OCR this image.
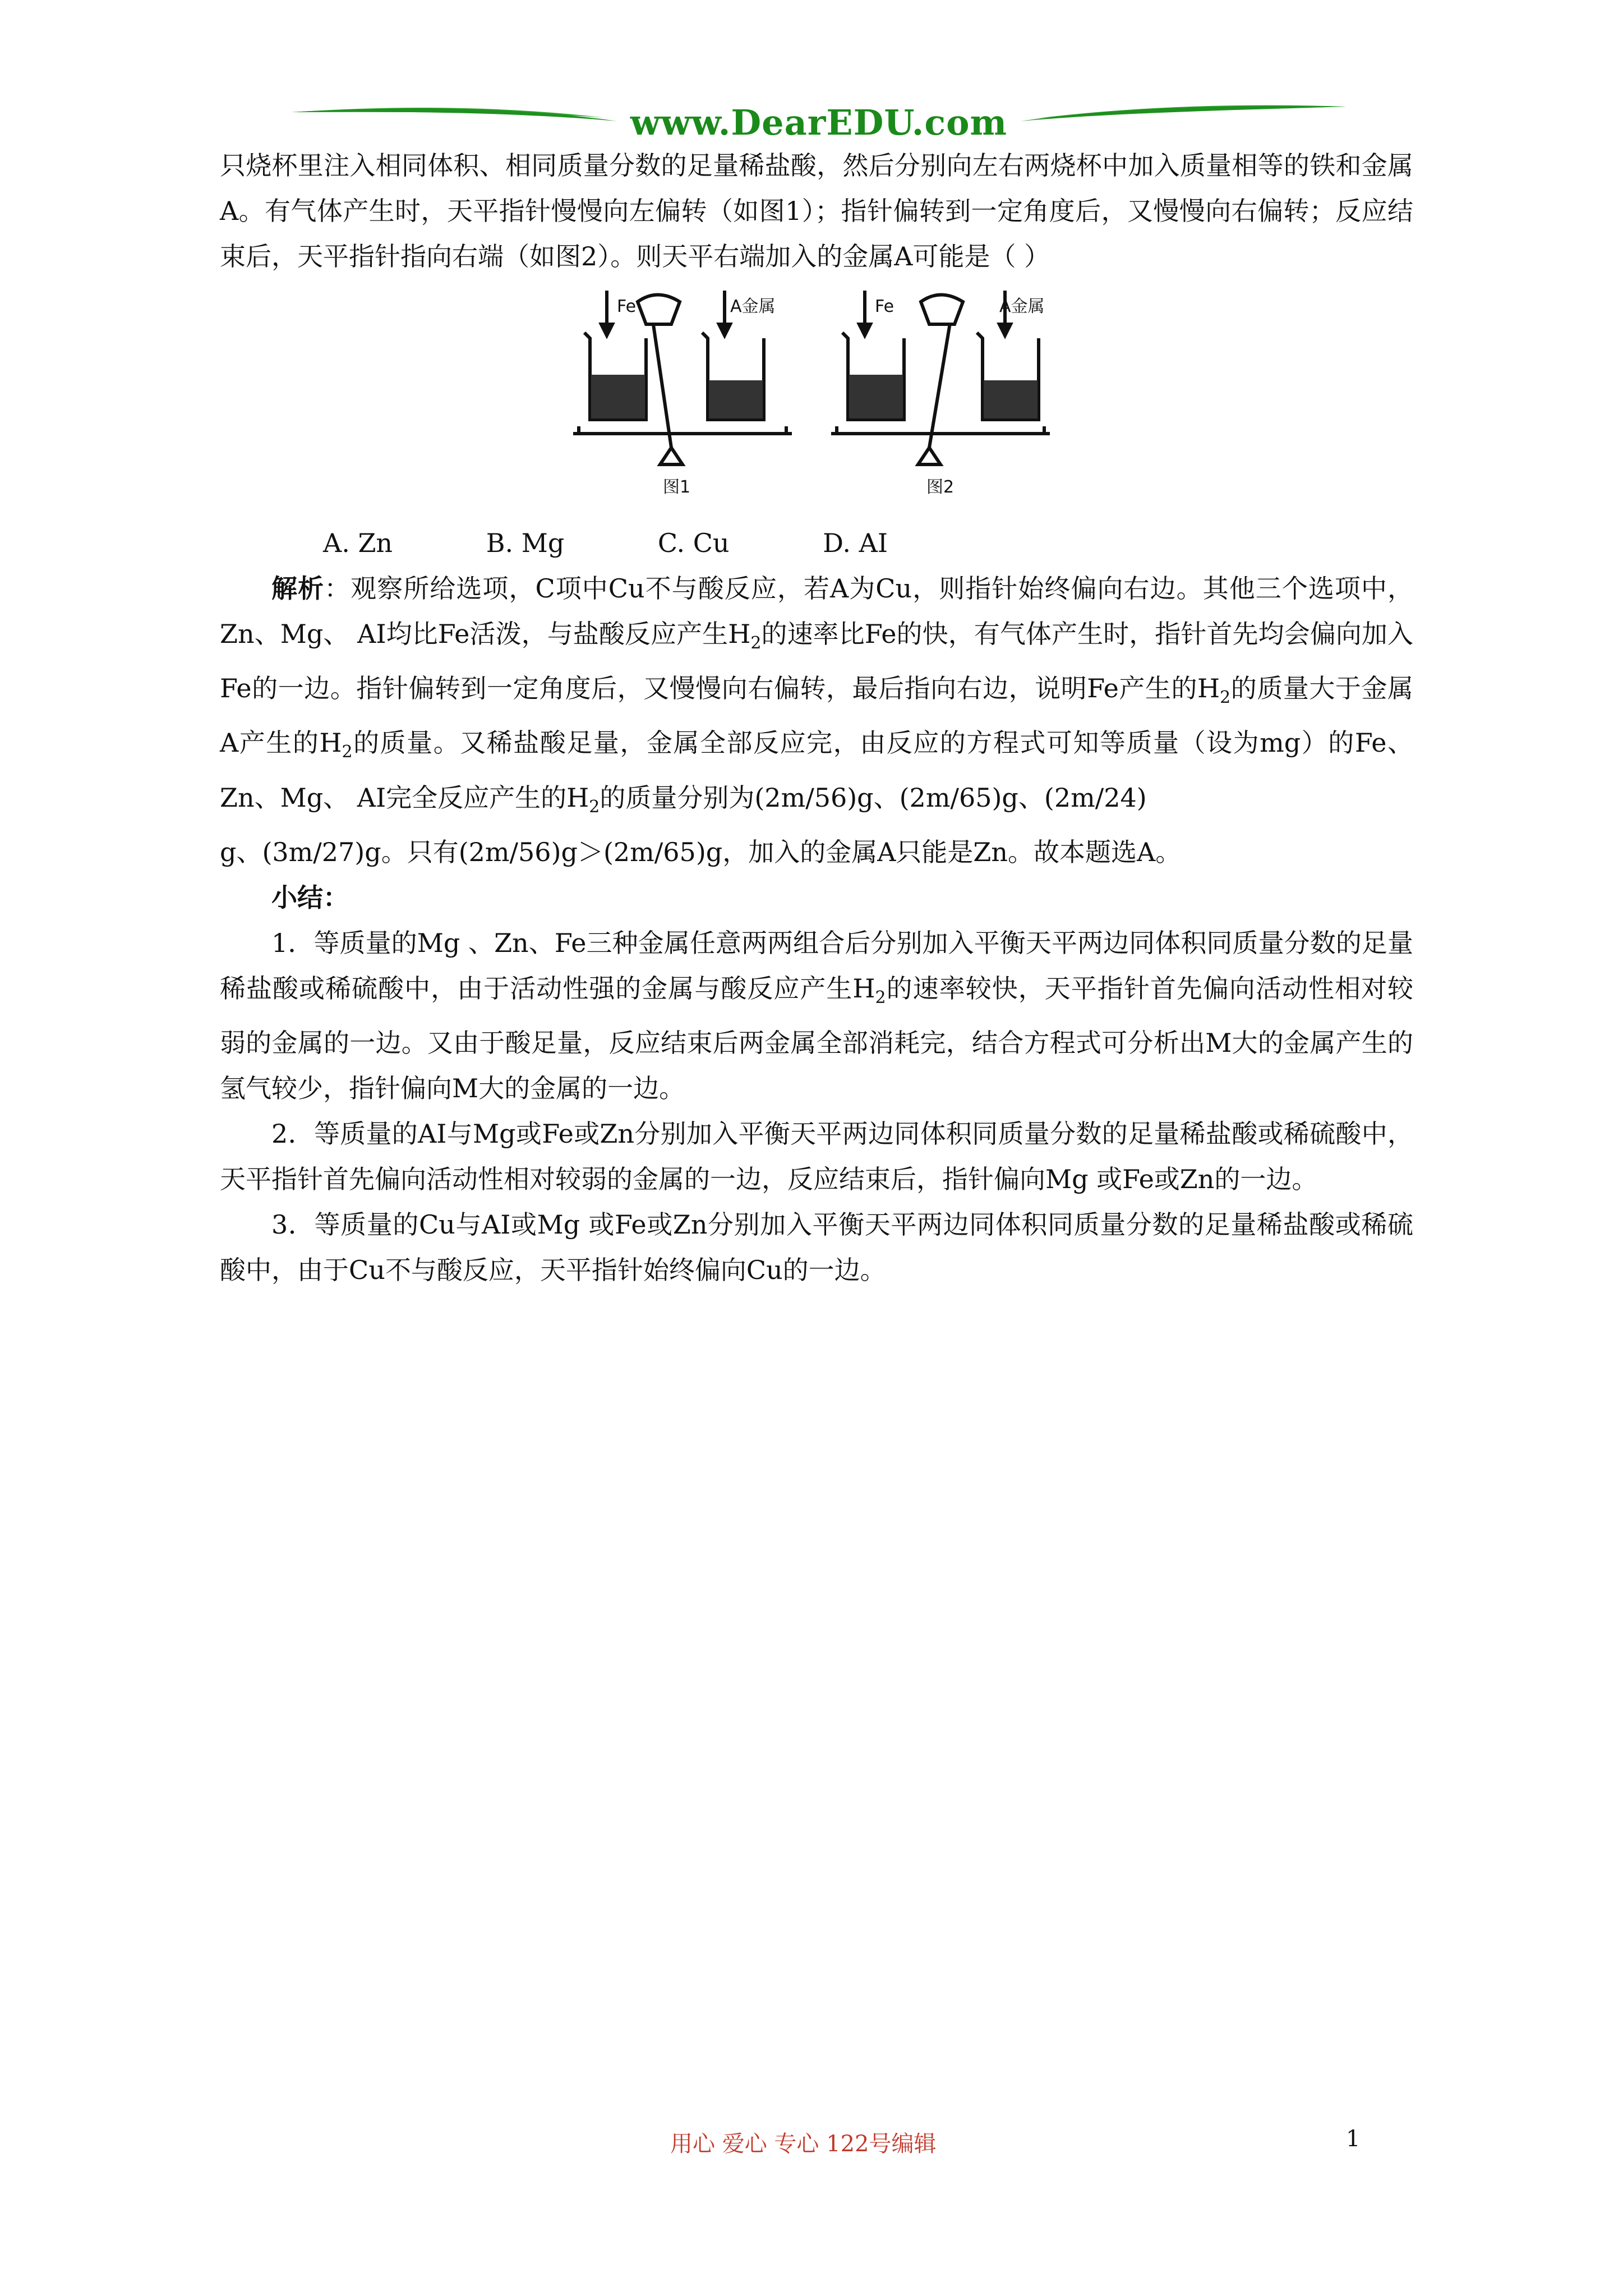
www.DearEDU.com

只烧杯里注入相同体积、相同质量分数的足量稀盐酸，然后分别向左右两烧杯中加入质量相等的铁和金属A。有气体产生时，天平指针慢慢向左偏转（如图1）；指针偏转到一定角度后，又慢慢向右偏转；反应结束后，天平指针指向右端（如图2）。则天平右端加入的金属A可能是（ ）

Fe	A金属
图1
Fe	A金属
图2

A. Zn	B. Mg	C. Cu	D. AI

解析：观察所给选项，C项中Cu不与酸反应，若A为Cu，则指针始终偏向右边。其他三个选项中，Zn、Mg、 AI均比Fe活泼，与盐酸反应产生$H_2$的速率比Fe的快，有气体产生时，指针首先均会偏向加入Fe的一边。指针偏转到一定角度后，又慢慢向右偏转，最后指向右边，说明Fe产生的$H_2$的质量大于金属A产生的$H_2$的质量。又稀盐酸足量，金属全部反应完，由反应的方程式可知等质量（设为mg）的Fe、Zn、Mg、 AI完全反应产生的$H_2$的质量分别为(2m/56)g、(2m/65)g、(2m/24)

g、(3m/27)g。只有(2m/56)g＞(2m/65)g，加入的金属A只能是Zn。故本题选A。

小结：

1．等质量的Mg 、Zn、Fe三种金属任意两两组合后分别加入平衡天平两边同体积同质量分数的足量稀盐酸或稀硫酸中，由于活动性强的金属与酸反应产生$H_2$的速率较快，天平指针首先偏向活动性相对较弱的金属的一边。又由于酸足量，反应结束后两金属全部消耗完，结合方程式可分析出M大的金属产生的氢气较少，指针偏向M大的金属的一边。

2．等质量的AI与Mg或Fe或Zn分别加入平衡天平两边同体积同质量分数的足量稀盐酸或稀硫酸中，天平指针首先偏向活动性相对较弱的金属的一边，反应结束后，指针偏向Mg 或Fe或Zn的一边。

3．等质量的Cu与AI或Mg 或Fe或Zn分别加入平衡天平两边同体积同质量分数的足量稀盐酸或稀硫酸中，由于Cu不与酸反应，天平指针始终偏向Cu的一边。

用心 爱心 专心 122号编辑	1
